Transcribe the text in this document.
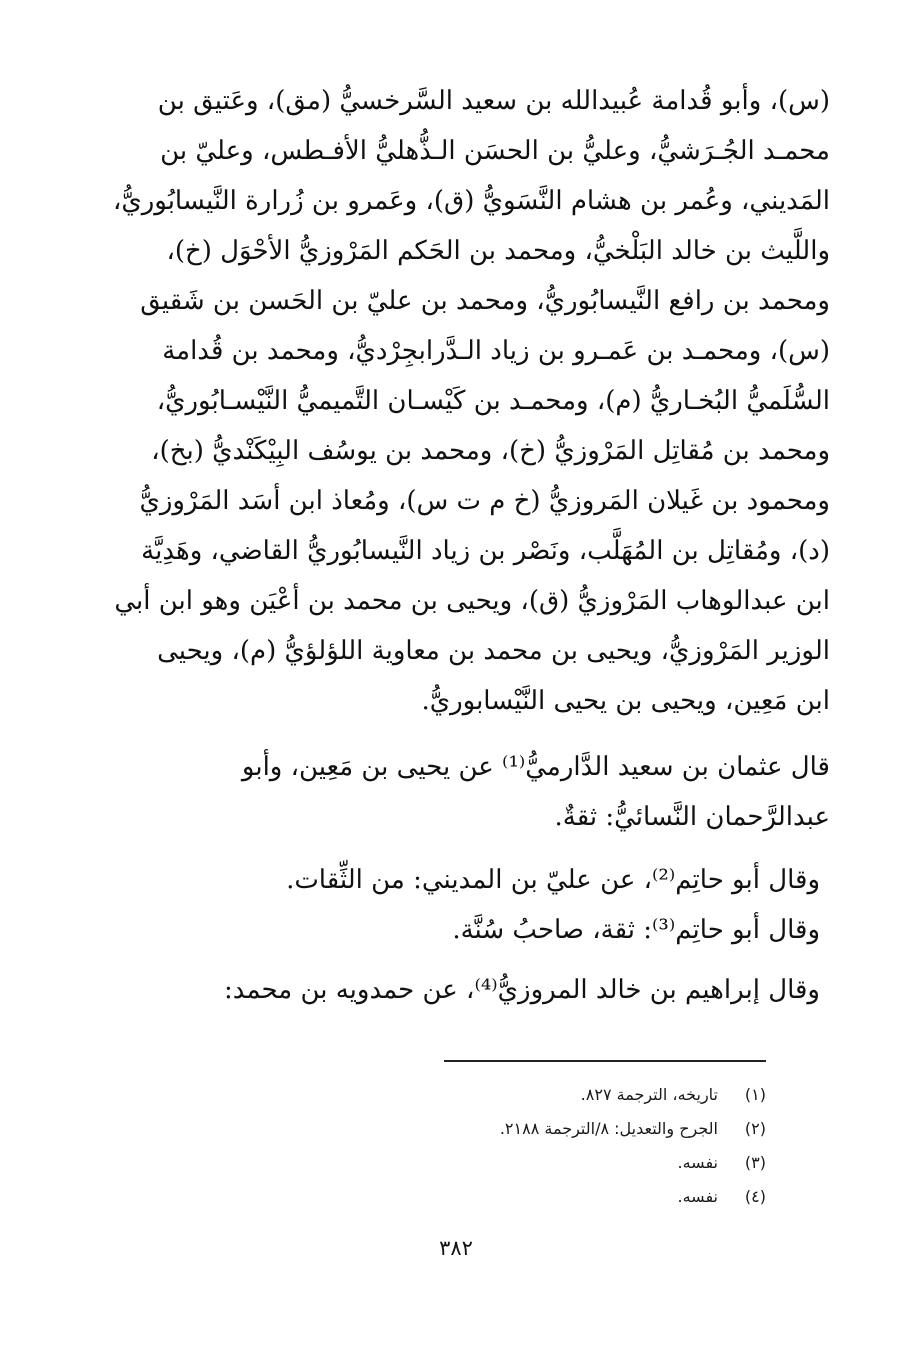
(س)، وأبو قُدامة عُبيدالله بن سعيد السَّرخسيُّ (مق)، وعَتيق بن
محمـد الجُـرَشيُّ، وعليُّ بن الحسَن الـذُّهليُّ الأفـطس، وعليّ بن
المَديني، وعُمر بن هشام النَّسَويُّ (ق)، وعَمرو بن زُرارة النَّيسابُوريُّ،
واللَّيث بن خالد البَلْخيُّ، ومحمد بن الحَكم المَرْوزيُّ الأحْوَل (خ)،
ومحمد بن رافع النَّيسابُوريُّ، ومحمد بن عليّ بن الحَسن بن شَقيق
(س)، ومحمـد بن عَمـرو بن زياد الـدَّرابجِرْديُّ، ومحمد بن قُدامة
السُّلَميُّ البُخـاريُّ (م)، ومحمـد بن كَيْسـان التَّميميُّ النَّيْسـابُوريُّ،
ومحمد بن مُقاتِل المَرْوزيُّ (خ)، ومحمد بن يوسُف البِيْكَنْديُّ (بخ)،
ومحمود بن غَيلان المَروزيُّ (خ م ت س)، ومُعاذ ابن أسَد المَرْوزيُّ
(د)، ومُقاتِل بن المُهَلَّب، ونَصْر بن زياد النَّيسابُوريُّ القاضي، وهَدِيَّة
ابن عبدالوهاب المَرْوزيُّ (ق)، ويحيى بن محمد بن أعْيَن وهو ابن أبي
الوزير المَرْوزيُّ، ويحيى بن محمد بن معاوية اللؤلؤيُّ (م)، ويحيى
ابن مَعِين، ويحيى بن يحيى النَّيْسابوريُّ.
قال عثمان بن سعيد الدَّارميُّ⁽¹⁾ عن يحيى بن مَعِين، وأبو
عبدالرَّحمان النَّسائيُّ: ثقةٌ.
وقال أبو حاتِم⁽²⁾، عن عليّ بن المديني: من الثِّقات.
وقال أبو حاتِم⁽³⁾: ثقة، صاحبُ سُنَّة.
وقال إبراهيم بن خالد المروزيُّ⁽⁴⁾، عن حمدويه بن محمد:
(١)
تاريخه، الترجمة ٨٢٧.
(٢)
الجرح والتعديل: ٨/الترجمة ٢١٨٨.
(٣)
نفسه.
(٤)
نفسه.
٣٨٢
